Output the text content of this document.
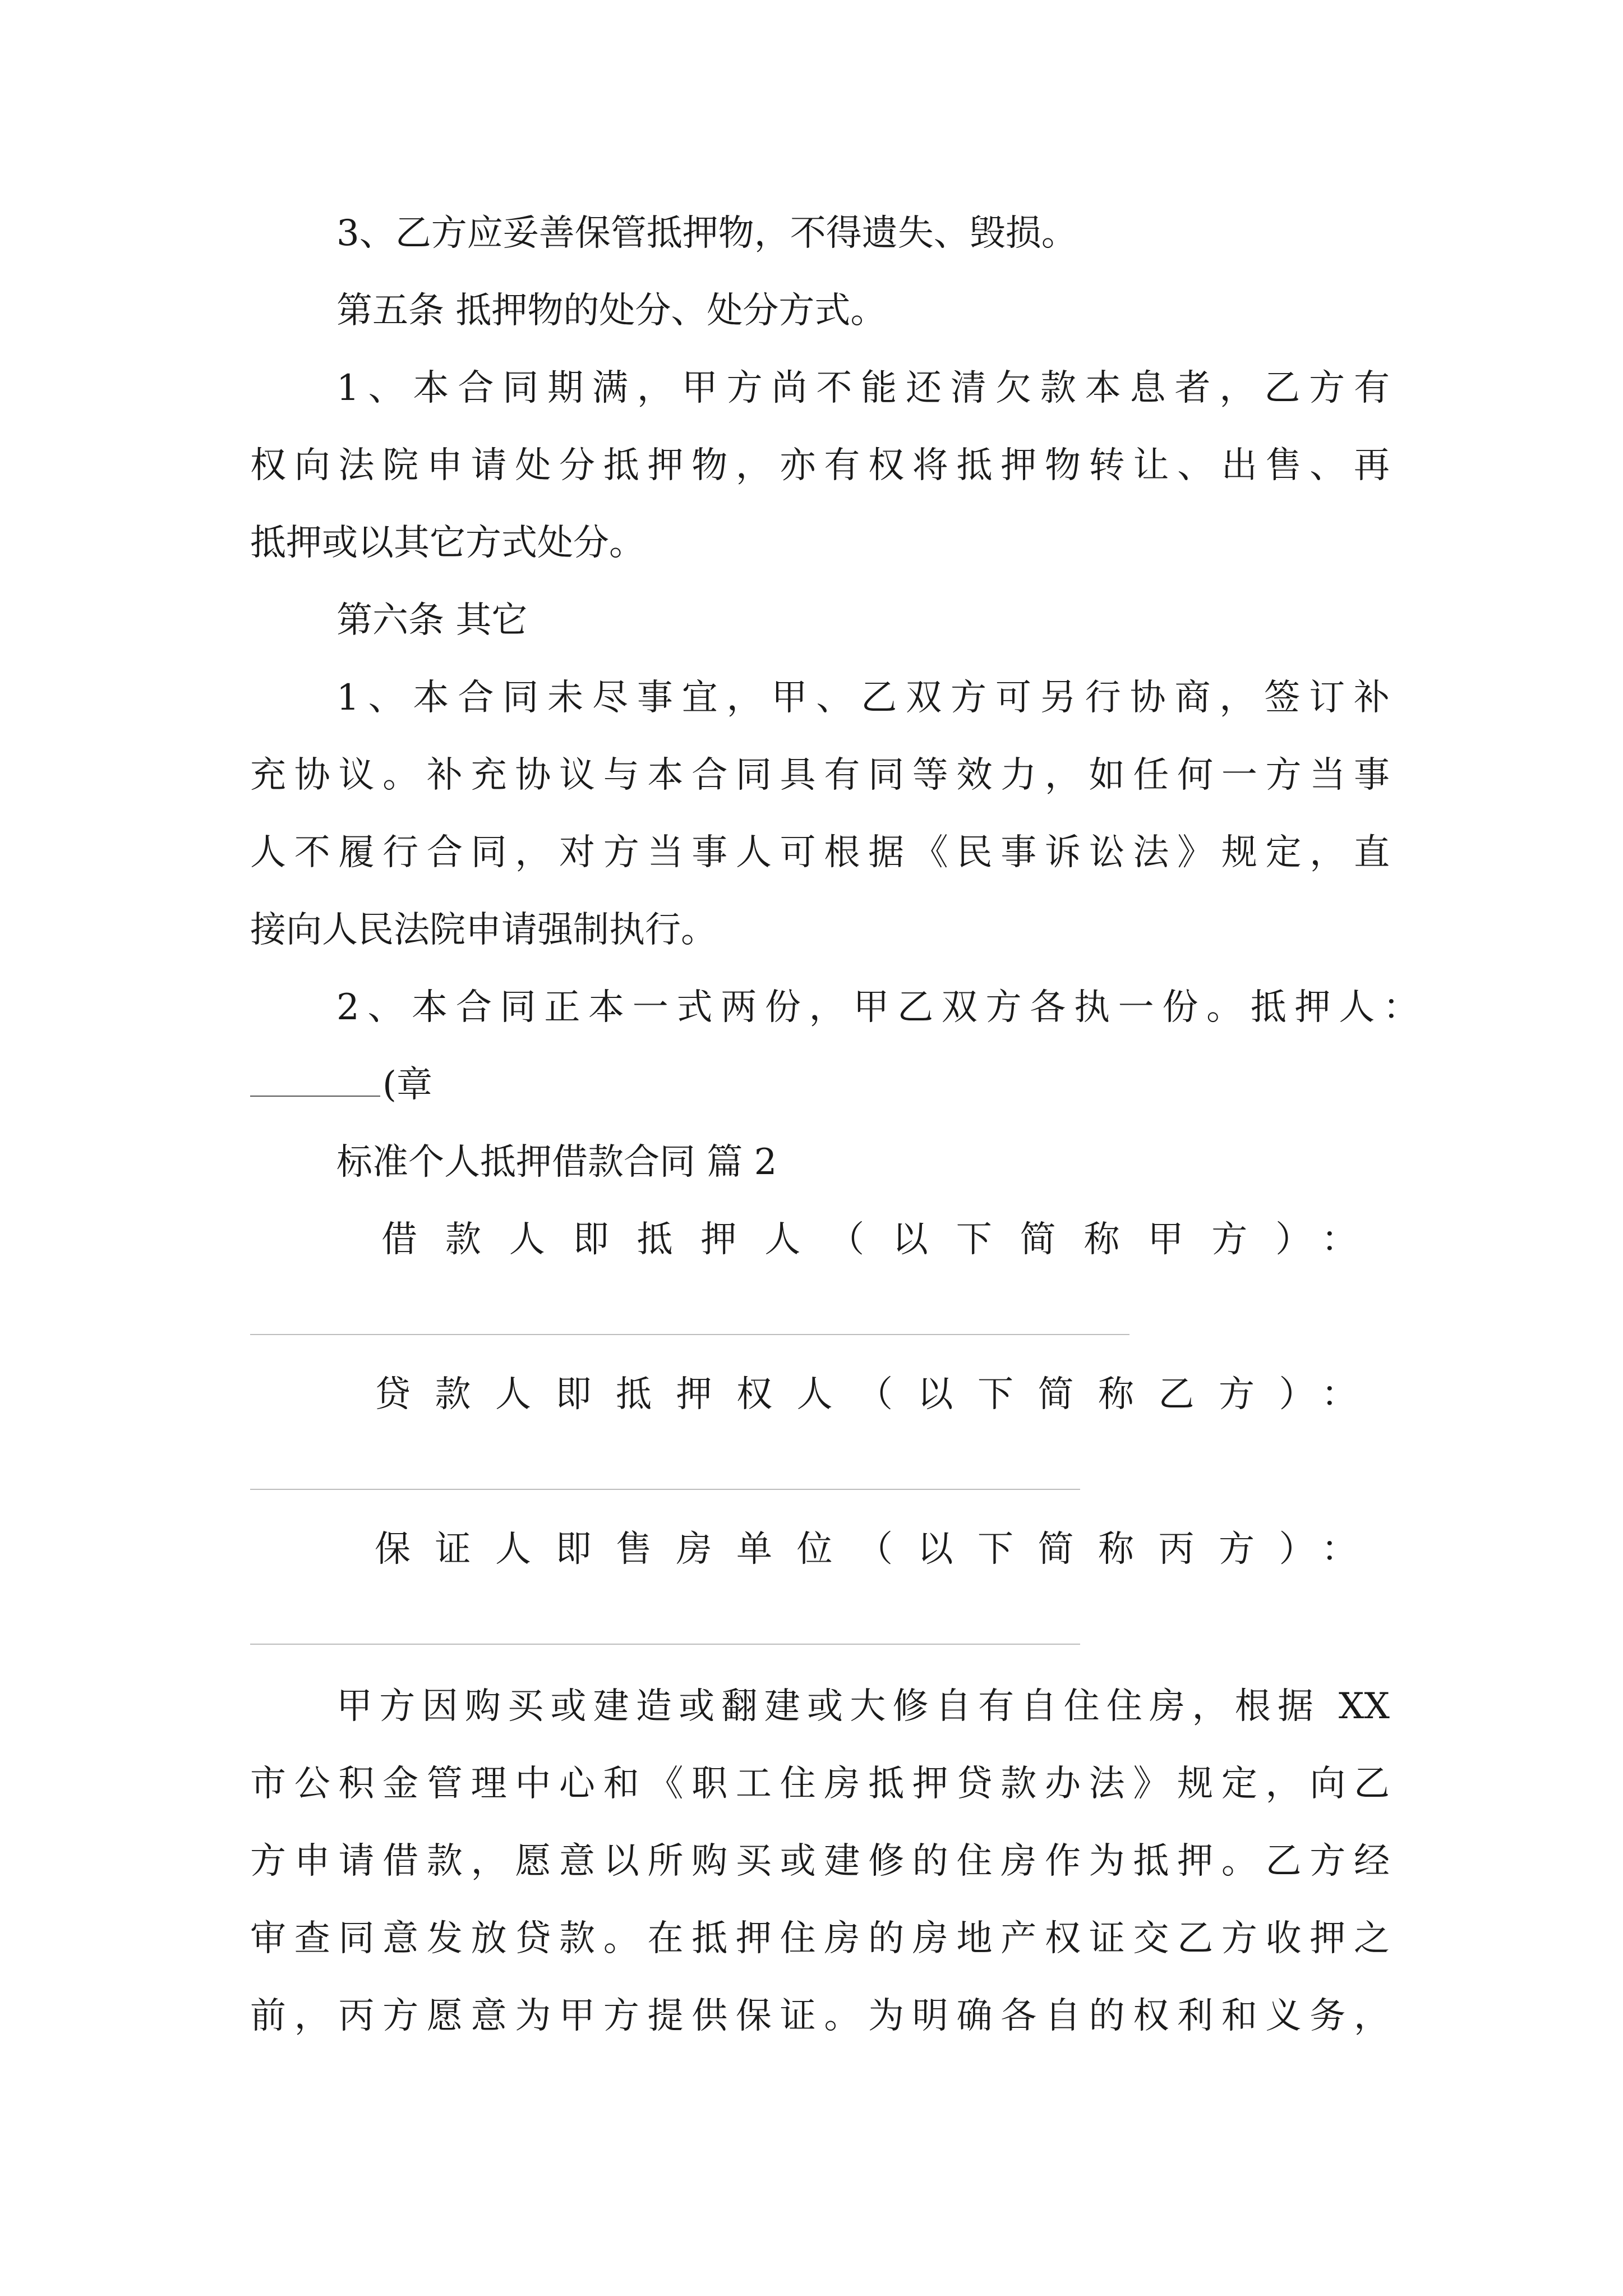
3、乙方应妥善保管抵押物，不得遗失、毁损。
第五条 抵押物的处分、处分方式。
1、本合同期满，甲方尚不能还清欠款本息者，乙方有
权向法院申请处分抵押物，亦有权将抵押物转让、出售、再
抵押或以其它方式处分。
第六条 其它
1、本合同未尽事宜，甲、乙双方可另行协商，签订补
充协议。补充协议与本合同具有同等效力，如任何一方当事
人不履行合同，对方当事人可根据《民事诉讼法》规定，直
接向人民法院申请强制执行。
2、本合同正本一式两份，甲乙双方各执一份。抵押人：
(章
标准个人抵押借款合同 篇 2
借款人即抵押人（以下简称甲方）：
贷款人即抵押权人（以下简称乙方）：
保证人即售房单位（以下简称丙方）：
甲方因购买或建造或翻建或大修自有自住住房，根据 XX
市公积金管理中心和《职工住房抵押贷款办法》规定，向乙
方申请借款，愿意以所购买或建修的住房作为抵押。乙方经
审查同意发放贷款。在抵押住房的房地产权证交乙方收押之
前，丙方愿意为甲方提供保证。为明确各自的权利和义务，
